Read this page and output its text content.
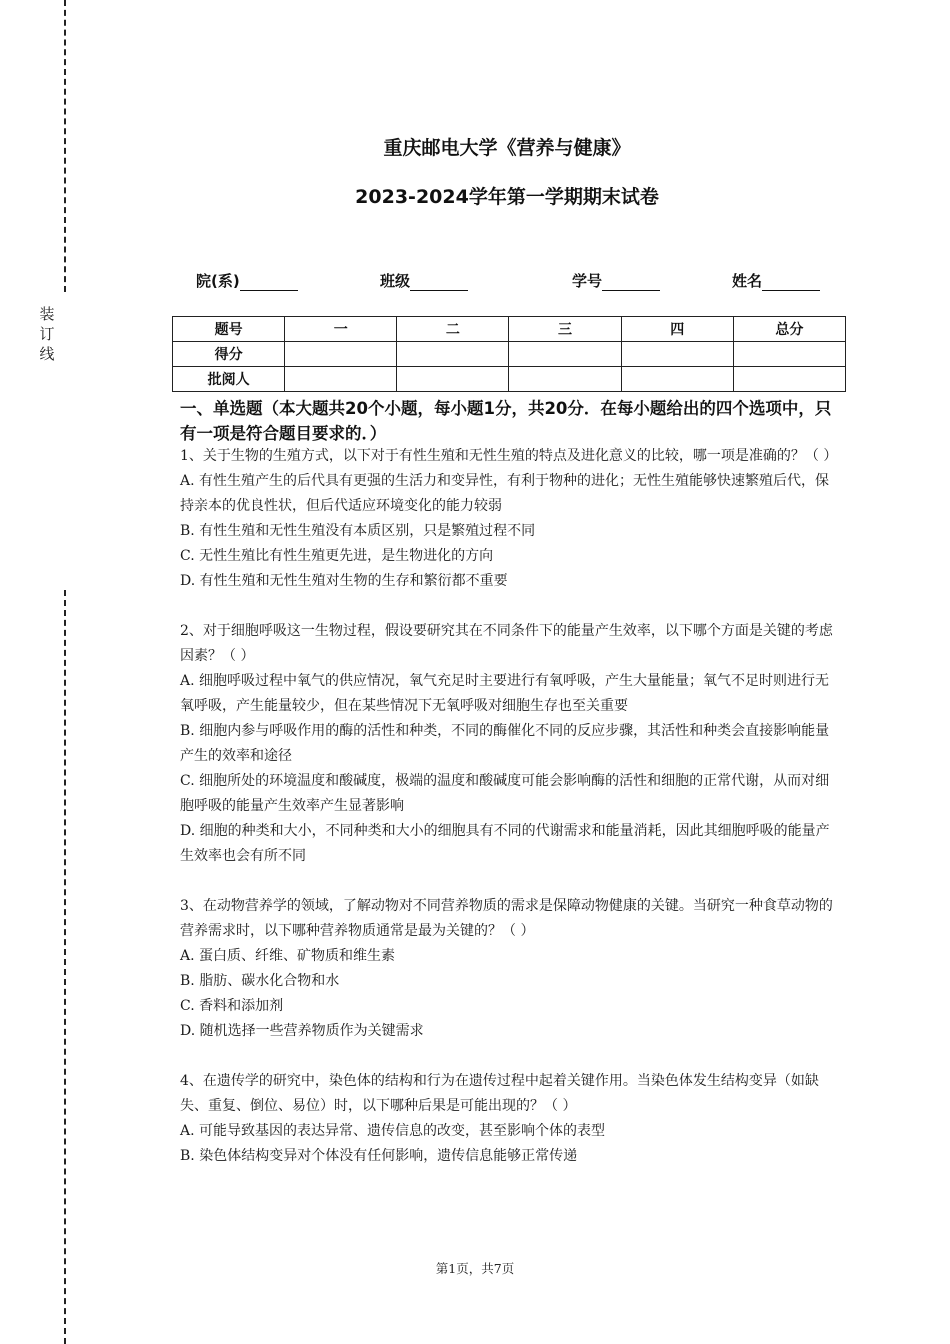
装
订
线
重庆邮电大学《营养与健康》
2023-2024学年第一学期期末试卷
院(系)	班级	学号	姓名
题号	一	二	三	四	总分
得分					
批阅人					
一、单选题（本大题共20个小题，每小题1分，共20分．在每小题给出的四个选项中，只有一项是符合题目要求的．）

1、关于生物的生殖方式，以下对于有性生殖和无性生殖的特点及进化意义的比较，哪一项是准确的？（ ）

A. 有性生殖产生的后代具有更强的生活力和变异性，有利于物种的进化；无性生殖能够快速繁殖后代，保持亲本的优良性状，但后代适应环境变化的能力较弱

B. 有性生殖和无性生殖没有本质区别，只是繁殖过程不同

C. 无性生殖比有性生殖更先进，是生物进化的方向

D. 有性生殖和无性生殖对生物的生存和繁衍都不重要

2、对于细胞呼吸这一生物过程，假设要研究其在不同条件下的能量产生效率，以下哪个方面是关键的考虑因素？（ ）

A. 细胞呼吸过程中氧气的供应情况，氧气充足时主要进行有氧呼吸，产生大量能量；氧气不足时则进行无氧呼吸，产生能量较少，但在某些情况下无氧呼吸对细胞生存也至关重要

B. 细胞内参与呼吸作用的酶的活性和种类，不同的酶催化不同的反应步骤，其活性和种类会直接影响能量产生的效率和途径

C. 细胞所处的环境温度和酸碱度，极端的温度和酸碱度可能会影响酶的活性和细胞的正常代谢，从而对细胞呼吸的能量产生效率产生显著影响

D. 细胞的种类和大小，不同种类和大小的细胞具有不同的代谢需求和能量消耗，因此其细胞呼吸的能量产生效率也会有所不同

3、在动物营养学的领域，了解动物对不同营养物质的需求是保障动物健康的关键。当研究一种食草动物的营养需求时，以下哪种营养物质通常是最为关键的？（ ）

A. 蛋白质、纤维、矿物质和维生素

B. 脂肪、碳水化合物和水

C. 香料和添加剂

D. 随机选择一些营养物质作为关键需求

4、在遗传学的研究中，染色体的结构和行为在遗传过程中起着关键作用。当染色体发生结构变异（如缺失、重复、倒位、易位）时，以下哪种后果是可能出现的？（ ）

A. 可能导致基因的表达异常、遗传信息的改变，甚至影响个体的表型

B. 染色体结构变异对个体没有任何影响，遗传信息能够正常传递

第1页，共7页
